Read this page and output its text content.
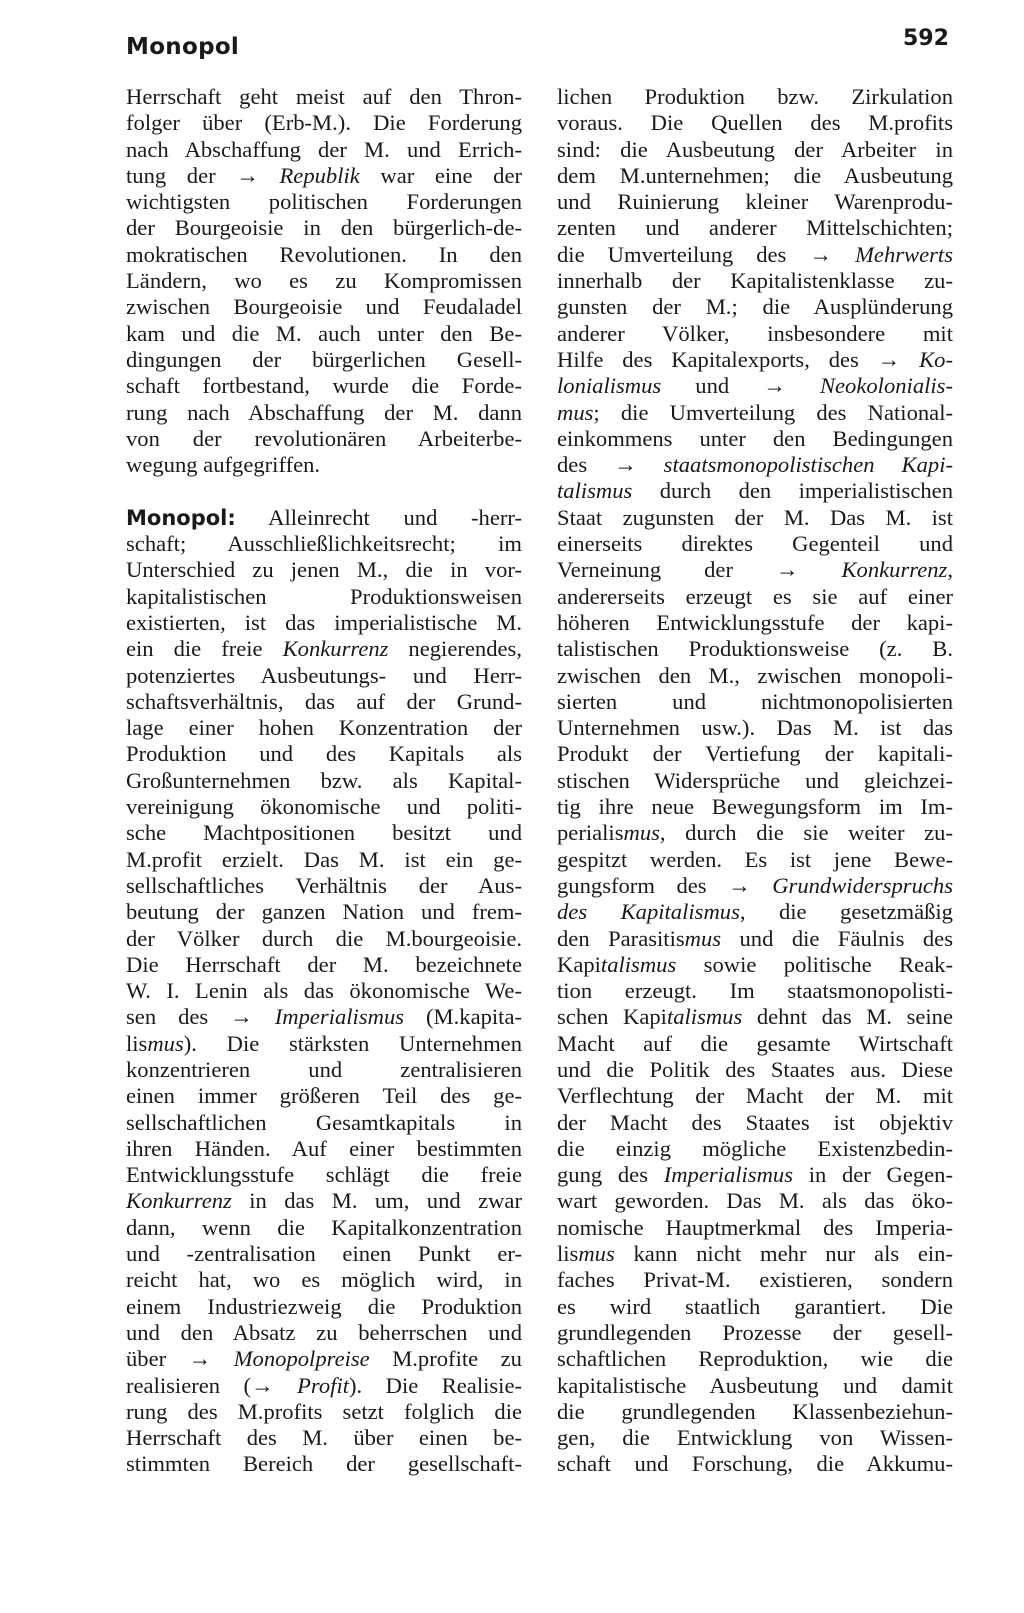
Monopol	592
Herrschaft geht meist auf den Thron-
folger über (Erb-M.). Die Forderung
nach Abschaffung der M. und Errich-
tung der → Republik war eine der
wichtigsten politischen Forderungen
der Bourgeoisie in den bürgerlich-de-
mokratischen Revolutionen. In den
Ländern, wo es zu Kompromissen
zwischen Bourgeoisie und Feudaladel
kam und die M. auch unter den Be-
dingungen der bürgerlichen Gesell-
schaft fortbestand, wurde die Forde-
rung nach Abschaffung der M. dann
von der revolutionären Arbeiterbe-
wegung aufgegriffen.
Monopol: Alleinrecht und -herr-
schaft; Ausschließlichkeitsrecht; im
Unterschied zu jenen M., die in vor-
kapitalistischen Produktionsweisen
existierten, ist das imperialistische M.
ein die freie Konkurrenz negierendes,
potenziertes Ausbeutungs- und Herr-
schaftsverhältnis, das auf der Grund-
lage einer hohen Konzentration der
Produktion und des Kapitals als
Großunternehmen bzw. als Kapital-
vereinigung ökonomische und politi-
sche Machtpositionen besitzt und
M.profit erzielt. Das M. ist ein ge-
sellschaftliches Verhältnis der Aus-
beutung der ganzen Nation und frem-
der Völker durch die M.bourgeoisie.
Die Herrschaft der M. bezeichnete
W. I. Lenin als das ökonomische We-
sen des → Imperialismus (M.kapita-
lismus). Die stärksten Unternehmen
konzentrieren und zentralisieren
einen immer größeren Teil des ge-
sellschaftlichen Gesamtkapitals in
ihren Händen. Auf einer bestimmten
Entwicklungsstufe schlägt die freie
Konkurrenz in das M. um, und zwar
dann, wenn die Kapitalkonzentration
und -zentralisation einen Punkt er-
reicht hat, wo es möglich wird, in
einem Industriezweig die Produktion
und den Absatz zu beherrschen und
über → Monopolpreise M.profite zu
realisieren (→ Profit). Die Realisie-
rung des M.profits setzt folglich die
Herrschaft des M. über einen be-
stimmten Bereich der gesellschaft-
lichen Produktion bzw. Zirkulation
voraus. Die Quellen des M.profits
sind: die Ausbeutung der Arbeiter in
dem M.unternehmen; die Ausbeutung
und Ruinierung kleiner Warenprodu-
zenten und anderer Mittelschichten;
die Umverteilung des → Mehrwerts
innerhalb der Kapitalistenklasse zu-
gunsten der M.; die Ausplünderung
anderer Völker, insbesondere mit
Hilfe des Kapitalexports, des → Ko-
lonialismus und → Neokolonialis-
mus; die Umverteilung des National-
einkommens unter den Bedingungen
des → staatsmonopolistischen Kapi-
talismus durch den imperialistischen
Staat zugunsten der M. Das M. ist
einerseits direktes Gegenteil und
Verneinung der → Konkurrenz,
andererseits erzeugt es sie auf einer
höheren Entwicklungsstufe der kapi-
talistischen Produktionsweise (z. B.
zwischen den M., zwischen monopoli-
sierten und nichtmonopolisierten
Unternehmen usw.). Das M. ist das
Produkt der Vertiefung der kapitali-
stischen Widersprüche und gleichzei-
tig ihre neue Bewegungsform im Im-
perialismus, durch die sie weiter zu-
gespitzt werden. Es ist jene Bewe-
gungsform des → Grundwiderspruchs
des Kapitalismus, die gesetzmäßig
den Parasitismus und die Fäulnis des
Kapitalismus sowie politische Reak-
tion erzeugt. Im staatsmonopolisti-
schen Kapitalismus dehnt das M. seine
Macht auf die gesamte Wirtschaft
und die Politik des Staates aus. Diese
Verflechtung der Macht der M. mit
der Macht des Staates ist objektiv
die einzig mögliche Existenzbedin-
gung des Imperialismus in der Gegen-
wart geworden. Das M. als das öko-
nomische Hauptmerkmal des Imperia-
lismus kann nicht mehr nur als ein-
faches Privat-M. existieren, sondern
es wird staatlich garantiert. Die
grundlegenden Prozesse der gesell-
schaftlichen Reproduktion, wie die
kapitalistische Ausbeutung und damit
die grundlegenden Klassenbeziehun-
gen, die Entwicklung von Wissen-
schaft und Forschung, die Akkumu-
